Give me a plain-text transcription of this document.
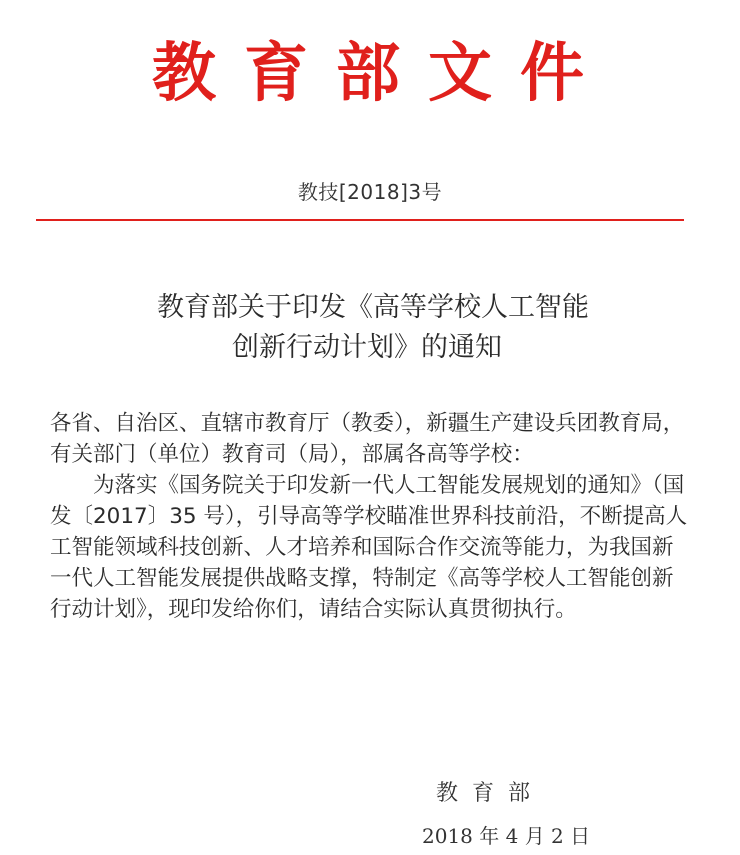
教育部文件
教技[2018]3号
教育部关于印发《高等学校人工智能
创新行动计划》的通知

各省、自治区、直辖市教育厅（教委），新疆生产建设兵团教育局，有关部门（单位）教育司（局），部属各高等学校：

为落实《国务院关于印发新一代人工智能发展规划的通知》（国发〔2017〕35 号），引导高等学校瞄准世界科技前沿，不断提高人工智能领域科技创新、人才培养和国际合作交流等能力，为我国新一代人工智能发展提供战略支撑，特制定《高等学校人工智能创新行动计划》，现印发给你们，请结合实际认真贯彻执行。

教育部
2018 年 4 月 2 日
